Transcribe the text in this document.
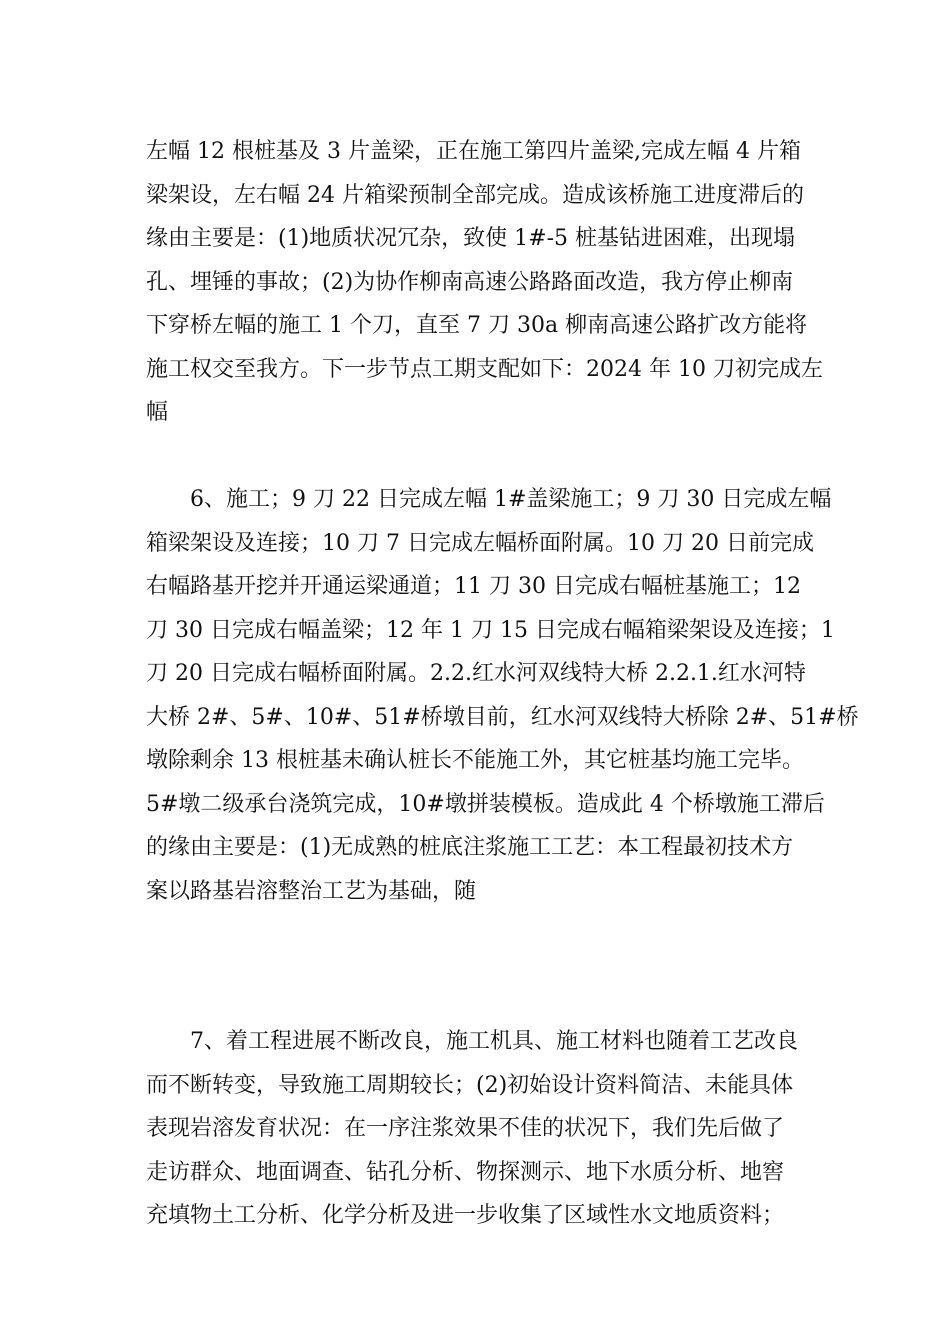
左幅 12 根桩基及 3 片盖梁，正在施工第四片盖梁,完成左幅 4 片箱
梁架设，左右幅 24 片箱梁预制全部完成。造成该桥施工进度滞后的
缘由主要是：(1)地质状况冗杂，致使 1#-5 桩基钻进困难，出现塌
孔、埋锤的事故；(2)为协作柳南高速公路路面改造，我方停止柳南
下穿桥左幅的施工 1 个刀，直至 7 刀 30a 柳南高速公路扩改方能将
施工权交至我方。下一步节点工期支配如下：2024 年 10 刀初完成左
幅
6、施工；9 刀 22 日完成左幅 1#盖梁施工；9 刀 30 日完成左幅
箱梁架设及连接；10 刀 7 日完成左幅桥面附属。10 刀 20 日前完成
右幅路基开挖并开通运梁通道；11 刀 30 日完成右幅桩基施工；12
刀 30 日完成右幅盖梁；12 年 1 刀 15 日完成右幅箱梁架设及连接；1
刀 20 日完成右幅桥面附属。2.2.红水河双线特大桥 2.2.1.红水河特
大桥 2#、5#、10#、51#桥墩目前，红水河双线特大桥除 2#、51#桥
墩除剩余 13 根桩基未确认桩长不能施工外，其它桩基均施工完毕。
5#墩二级承台浇筑完成，10#墩拼装模板。造成此 4 个桥墩施工滞后
的缘由主要是：(1)无成熟的桩底注浆施工工艺：本工程最初技术方
案以路基岩溶整治工艺为基础，随
7、着工程进展不断改良，施工机具、施工材料也随着工艺改良
而不断转变，导致施工周期较长；(2)初始设计资料简洁、未能具体
表现岩溶发育状况：在一序注浆效果不佳的状况下，我们先后做了
走访群众、地面调查、钻孔分析、物探测示、地下水质分析、地窖
充填物土工分析、化学分析及进一步收集了区域性水文地质资料；
